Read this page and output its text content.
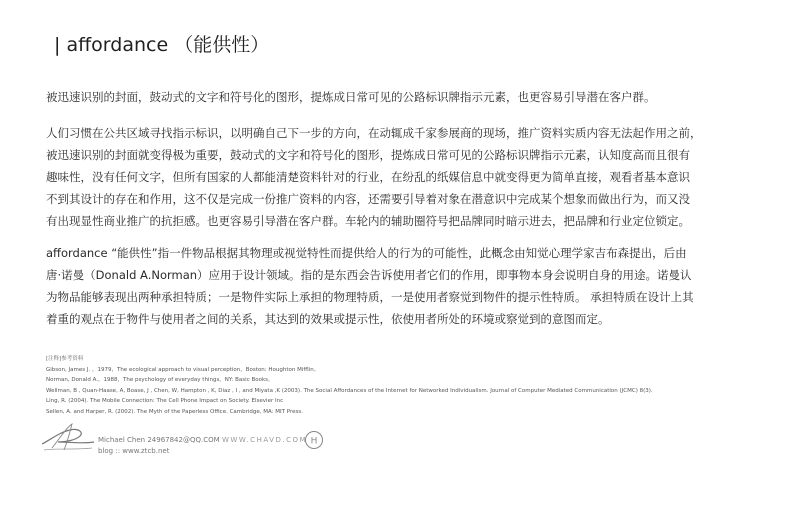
| affordance （能供性）
被迅速识别的封面，鼓动式的文字和符号化的图形，提炼成日常可见的公路标识牌指示元素，也更容易引导潜在客户群。
人们习惯在公共区域寻找指示标识，以明确自己下一步的方向，在动辄成千家参展商的现场，推广资料实质内容无法起作用之前，
被迅速识别的封面就变得极为重要，鼓动式的文字和符号化的图形，提炼成日常可见的公路标识牌指示元素，认知度高而且很有
趣味性，没有任何文字，但所有国家的人都能清楚资料针对的行业，在纷乱的纸媒信息中就变得更为简单直接，观看者基本意识
不到其设计的存在和作用，这不仅是完成一份推广资料的内容，还需要引导着对象在潜意识中完成某个想象而做出行为，而又没
有出现显性商业推广的抗拒感。也更容易引导潜在客户群。车轮内的辅助圈符号把品牌同时暗示进去，把品牌和行业定位锁定。
affordance “能供性”指一件物品根据其物理或视觉特性而提供给人的行为的可能性，此概念由知觉心理学家吉布森提出，后由
唐·诺曼（Donald A.Norman）应用于设计领域。指的是东西会告诉使用者它们的作用，即事物本身会说明自身的用途。诺曼认
为物品能够表现出两种承担特质；一是物件实际上承担的物理特质，一是使用者察觉到物件的提示性特质。 承担特质在设计上其
着重的观点在于物件与使用者之间的关系，其达到的效果或提示性，依使用者所处的环境或察觉到的意图而定。
[注释]参考资料
Gibson, James J. ，1979，The ecological approach to visual perception，Boston: Houghton Mifflin。
Norman, Donald A.，1988，The psychology of everyday things，NY: Basic Books。
Wellman, B , Quan-Haase, A, Boase, J , Chen, W, Hampton , K, Diaz , I , and Miyata ,K (2003). The Social Affordances of the Internet for Networked Individualism. Journal of Computer Mediated Communication (JCMC) 8(3).
Ling, R. (2004). The Mobile Connection: The Cell Phone Impact on Society. Elsevier Inc
Sellen, A. and Harper, R. (2002). The Myth of the Paperless Office. Cambridge, MA: MIT Press.
Michael Chen 24967842@QQ.COM
blog :: www.ztcb.net
WWW.CHAVD.COM H
